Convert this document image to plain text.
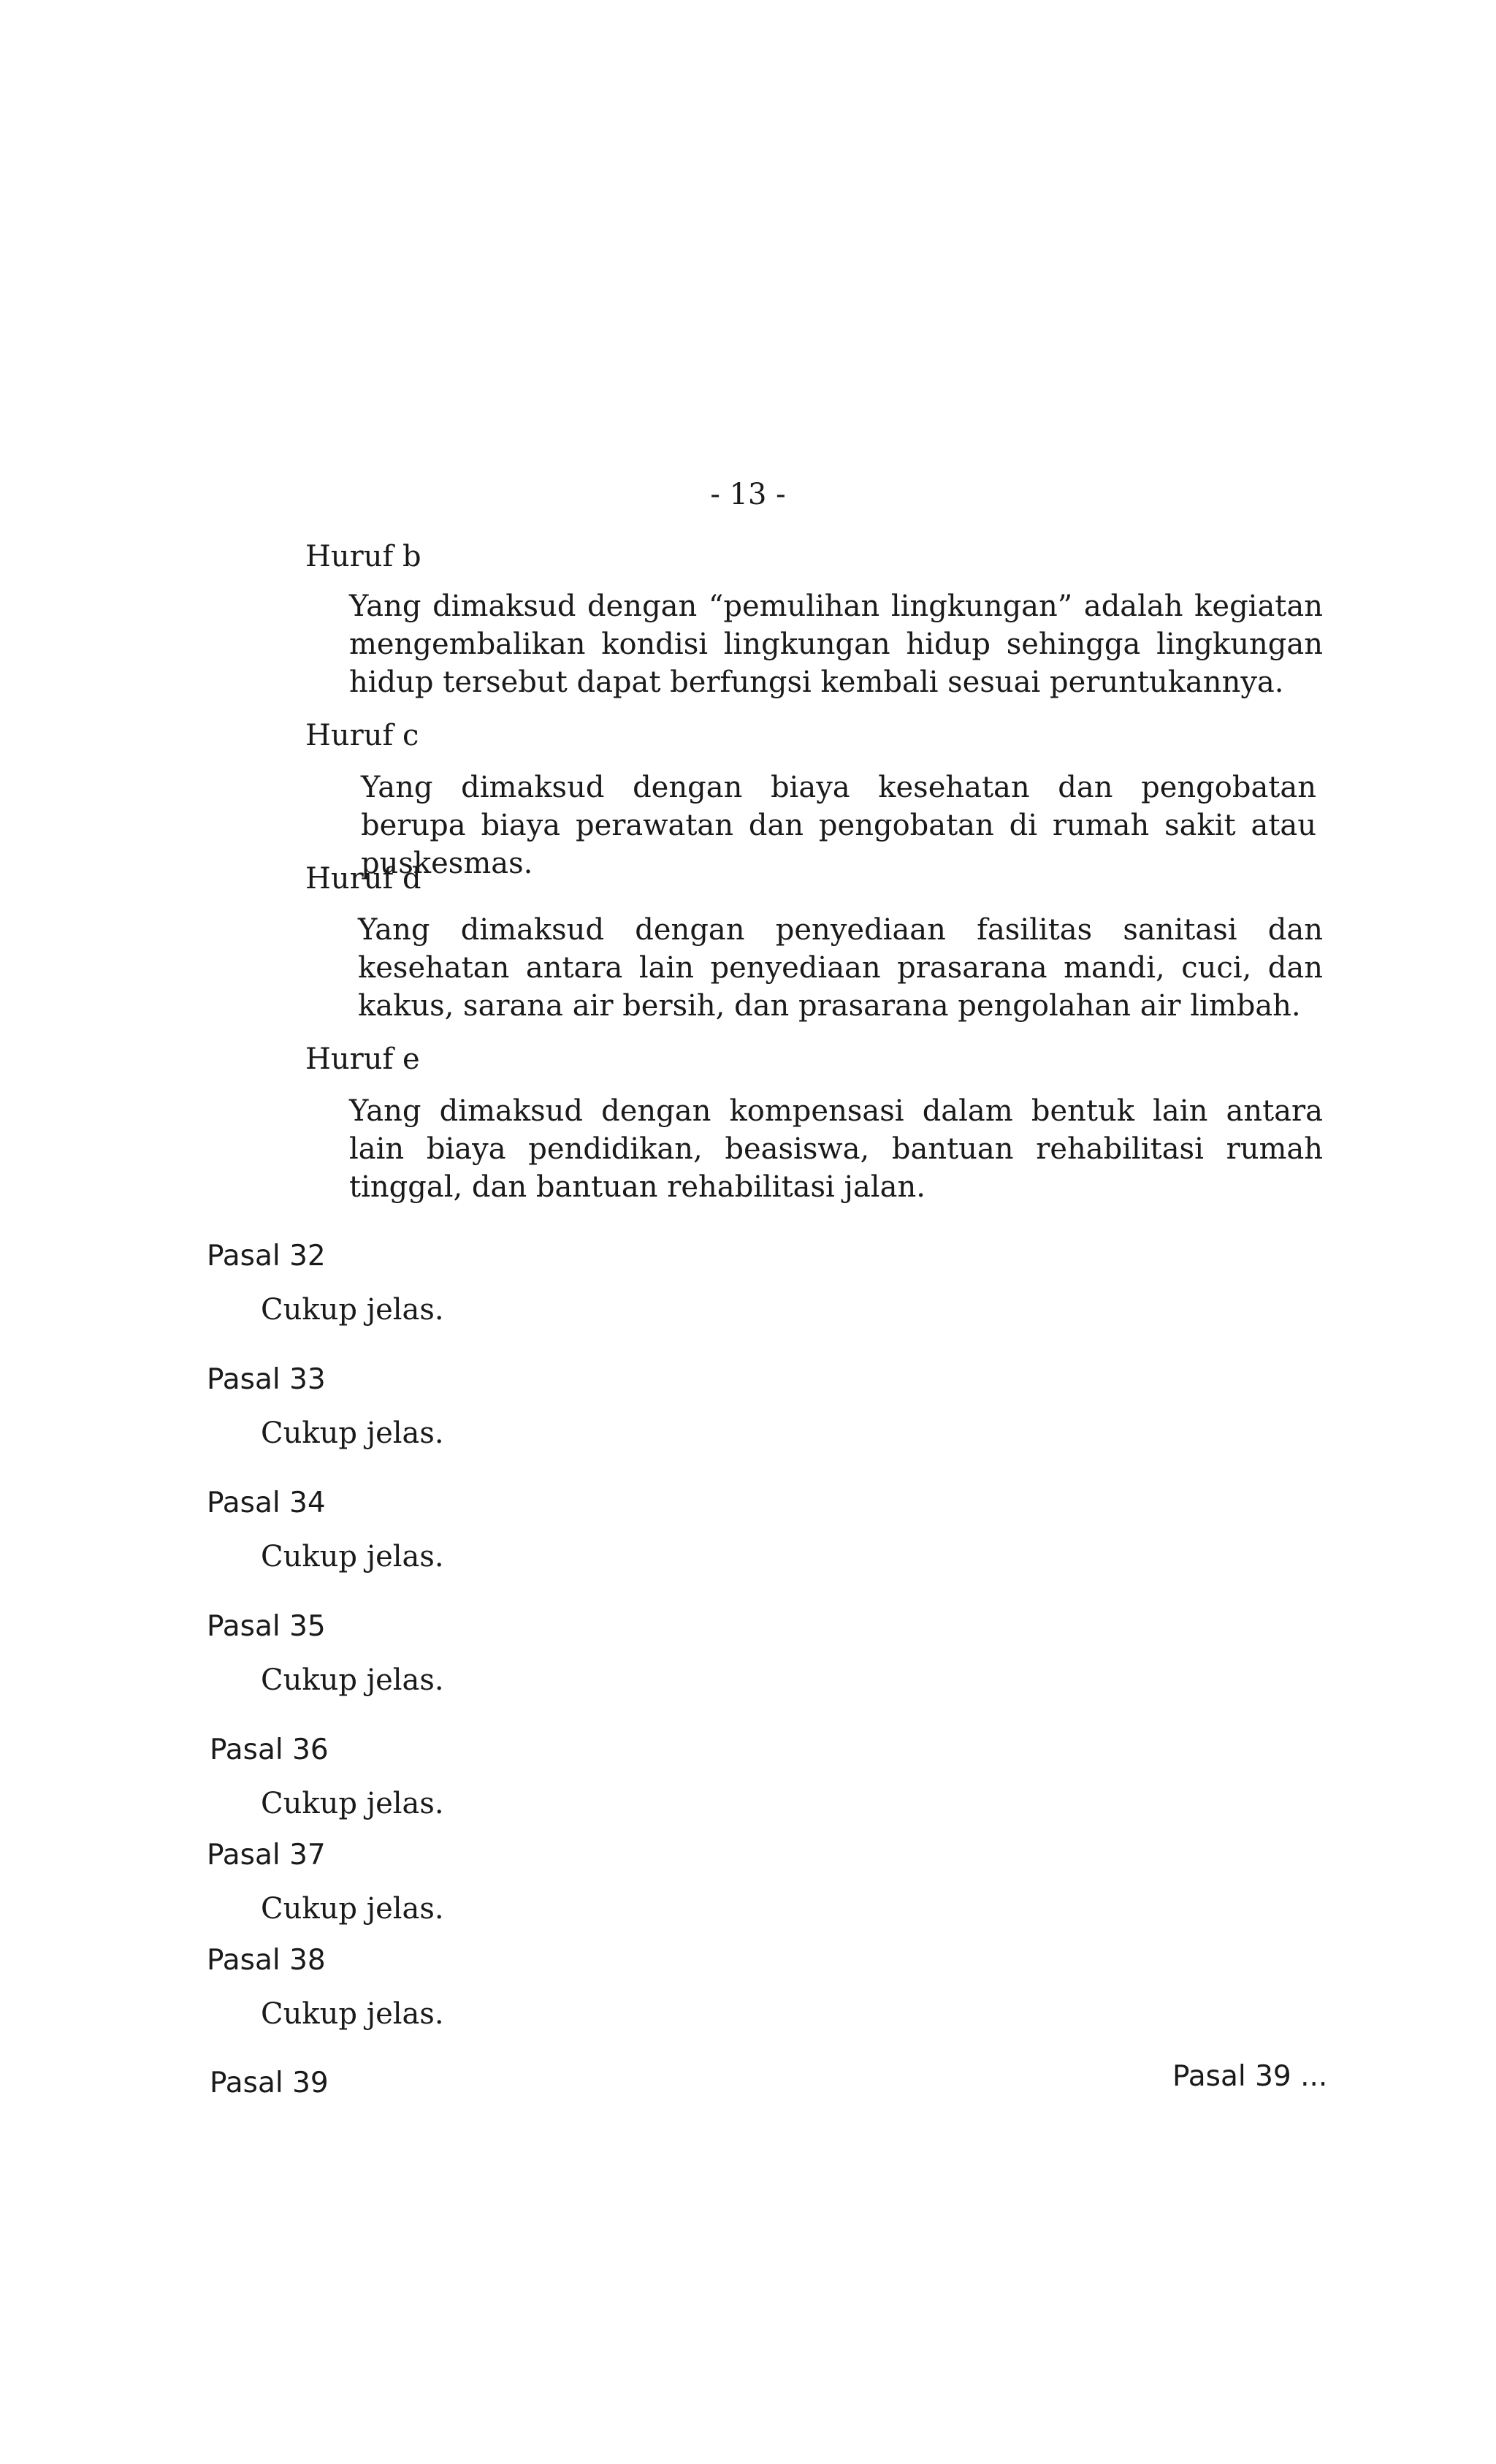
- 13 -
Huruf b
Yang dimaksud dengan “pemulihan lingkungan” adalah kegiatan mengembalikan kondisi lingkungan hidup sehingga lingkungan hidup tersebut dapat berfungsi kembali sesuai peruntukannya.
Huruf c
Yang dimaksud dengan biaya kesehatan dan pengobatan berupa biaya perawatan dan pengobatan di rumah sakit atau puskesmas.
Huruf d
Yang dimaksud dengan penyediaan fasilitas sanitasi dan kesehatan antara lain penyediaan prasarana mandi, cuci, dan kakus, sarana air bersih, dan prasarana pengolahan air limbah.
Huruf e
Yang dimaksud dengan kompensasi dalam bentuk lain antara lain biaya pendidikan, beasiswa, bantuan rehabilitasi rumah tinggal, dan bantuan rehabilitasi jalan.
Pasal 32
Cukup jelas.
Pasal 33
Cukup jelas.
Pasal 34
Cukup jelas.
Pasal 35
Cukup jelas.
Pasal 36
Cukup jelas.
Pasal 37
Cukup jelas.
Pasal 38
Cukup jelas.
Pasal 39	Pasal 39 ...
